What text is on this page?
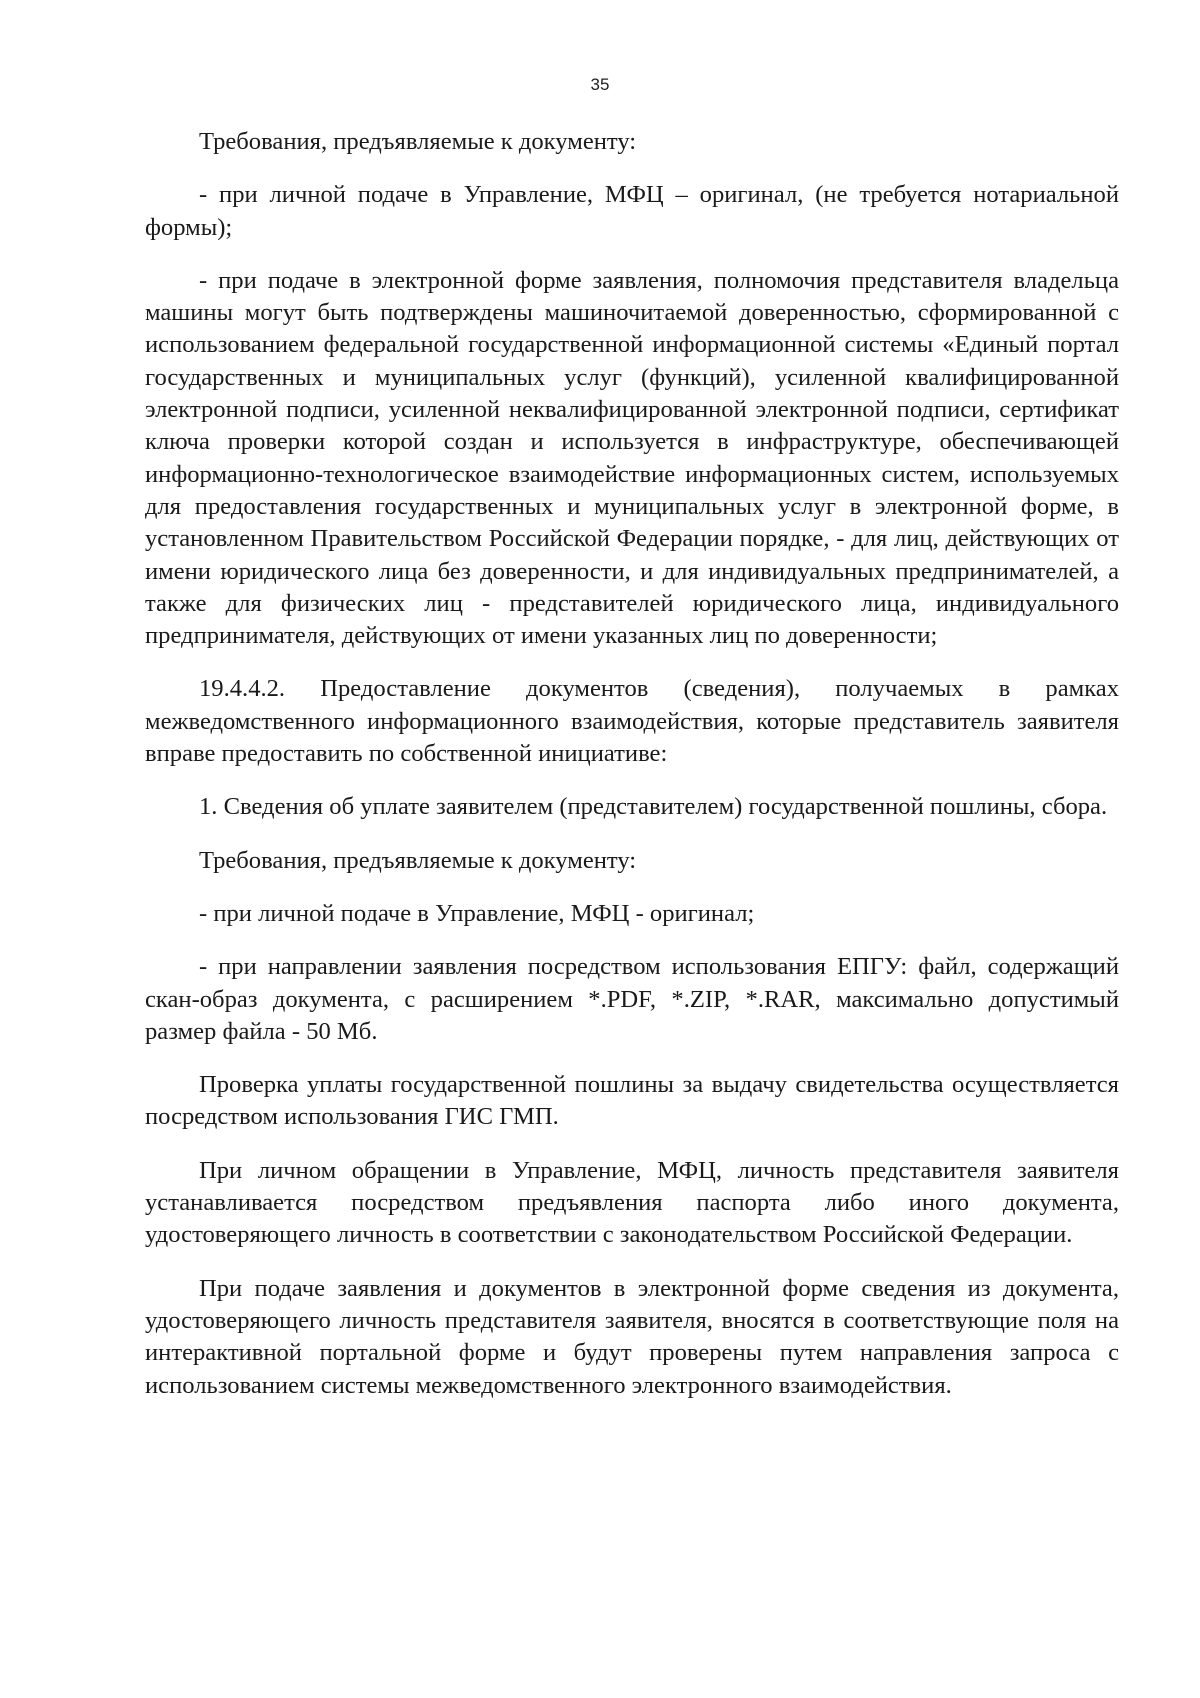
35

Требования, предъявляемые к документу:

- при личной подаче в Управление, МФЦ – оригинал, (не требуется нотариальной формы);

- при подаче в электронной форме заявления, полномочия представителя владельца машины могут быть подтверждены машиночитаемой доверенностью, сформированной с использованием федеральной государственной информационной системы «Единый портал государственных и муниципальных услуг (функций), усиленной квалифицированной электронной подписи, усиленной неквалифицированной электронной подписи, сертификат ключа проверки которой создан и используется в инфраструктуре, обеспечивающей информационно-технологическое взаимодействие информационных систем, используемых для предоставления государственных и муниципальных услуг в электронной форме, в установленном Правительством Российской Федерации порядке, - для лиц, действующих от имени юридического лица без доверенности, и для индивидуальных предпринимателей, а также для физических лиц - представителей юридического лица, индивидуального предпринимателя, действующих от имени указанных лиц по доверенности;

19.4.4.2. Предоставление документов (сведения), получаемых в рамках межведомственного информационного взаимодействия, которые представитель заявителя вправе предоставить по собственной инициативе:

1. Сведения об уплате заявителем (представителем) государственной пошлины, сбора.

Требования, предъявляемые к документу:

- при личной подаче в Управление, МФЦ - оригинал;

- при направлении заявления посредством использования ЕПГУ: файл, содержащий скан-образ документа, с расширением *.PDF, *.ZIP, *.RAR, максимально допустимый размер файла - 50 Мб.

Проверка уплаты государственной пошлины за выдачу свидетельства осуществляется посредством использования ГИС ГМП.

При личном обращении в Управление, МФЦ, личность представителя заявителя устанавливается посредством предъявления паспорта либо иного документа, удостоверяющего личность в соответствии с законодательством Российской Федерации.

При подаче заявления и документов в электронной форме сведения из документа, удостоверяющего личность представителя заявителя, вносятся в соответствующие поля на интерактивной портальной форме и будут проверены путем направления запроса с использованием системы межведомственного электронного взаимодействия.
